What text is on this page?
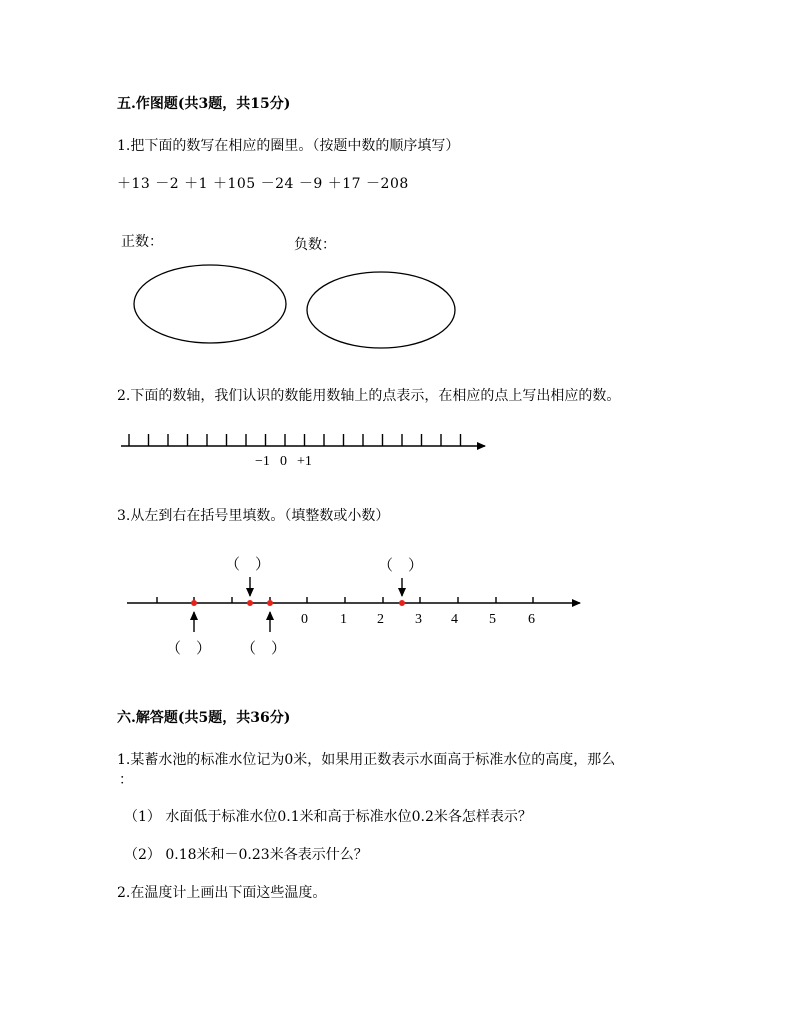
五.作图题(共3题，共15分)
1.把下面的数写在相应的圈里。（按题中数的顺序填写）
＋13 －2 ＋1 ＋105 －24 －9 ＋17 －208
正数：	负数：
2.下面的数轴，我们认识的数能用数轴上的点表示，在相应的点上写出相应的数。
3.从左到右在括号里填数。（填整数或小数）
六.解答题(共5题，共36分)
1.某蓄水池的标准水位记为0米，如果用正数表示水面高于标准水位的高度，那么
：
（1） 水面低于标准水位0.1米和高于标准水位0.2米各怎样表示？
（2） 0.18米和－0.23米各表示什么？
2.在温度计上画出下面这些温度。
−1 0 +1
0 1 2 3 4 5 6
（　）	（　）
（　） （　）
